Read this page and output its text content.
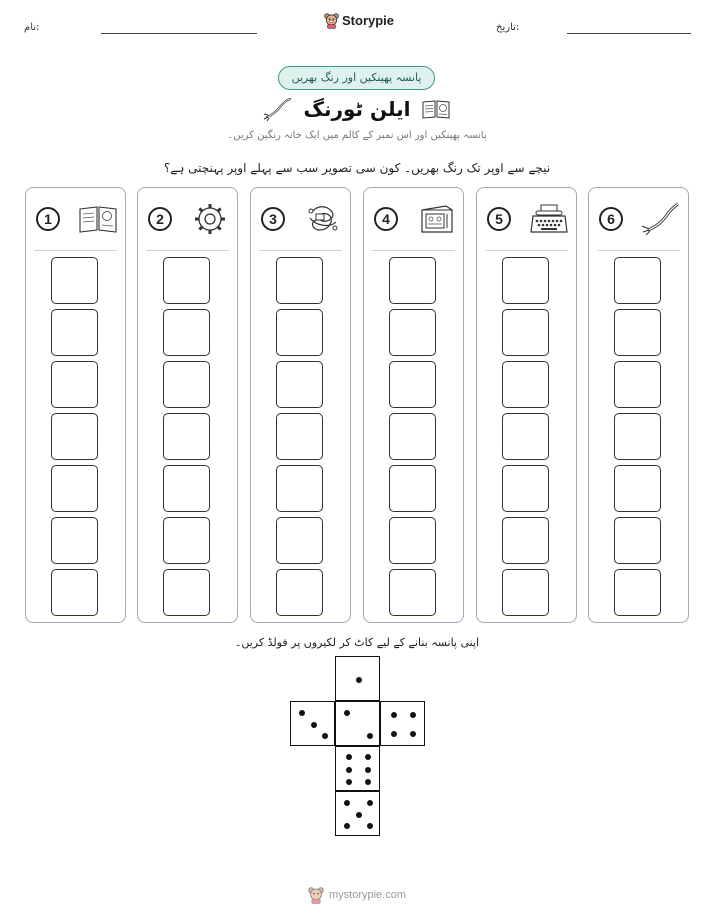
نام:	Storypie	تاریخ:
پانسہ پھینکیں اور رنگ بھریں
ایلن ٹورنگ
پانسہ پھینکیں اور اس نمبر کے کالم میں ایک خانہ رنگین کریں۔
نیچے سے اوپر تک رنگ بھریں۔ کون سی تصویر سب سے پہلے اوپر پہنچتی ہے؟
1	2	3	4	5	6
اپنی پانسہ بنانے کے لیے کاٹ کر لکیروں پر فولڈ کریں۔
mystorypie.com
